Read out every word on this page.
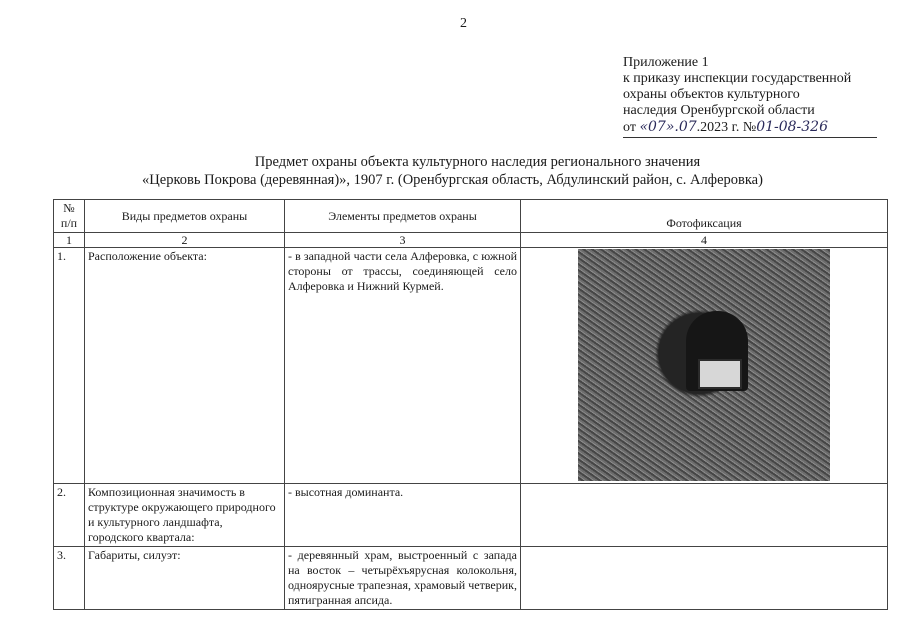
2
Приложение 1
к приказу инспекции государственной
охраны объектов культурного
наследия Оренбургской области
от «07».07.2023 г. №01-08-326
Предмет охраны объекта культурного наследия регионального значения
«Церковь Покрова (деревянная)», 1907 г. (Оренбургская область, Абдулинский район, с. Алферовка)
№ п/п	Виды предметов охраны	Элементы предметов охраны	Фотофиксация
1	2	3	4
1.	Расположение объекта:	- в западной части села Алферовка, с южной стороны от трассы, соединяющей село Алферовка и Нижний Курмей.	

2.	Композиционная значимость в структуре окружающего природного и культурного ландшафта, городского квартала:	- высотная доминанта.	
3.	Габариты, силуэт:	- деревянный храм, выстроенный с запада на восток – четырёхъярусная колокольня, одноярусные трапезная, храмовый четверик, пятигранная апсида.	
